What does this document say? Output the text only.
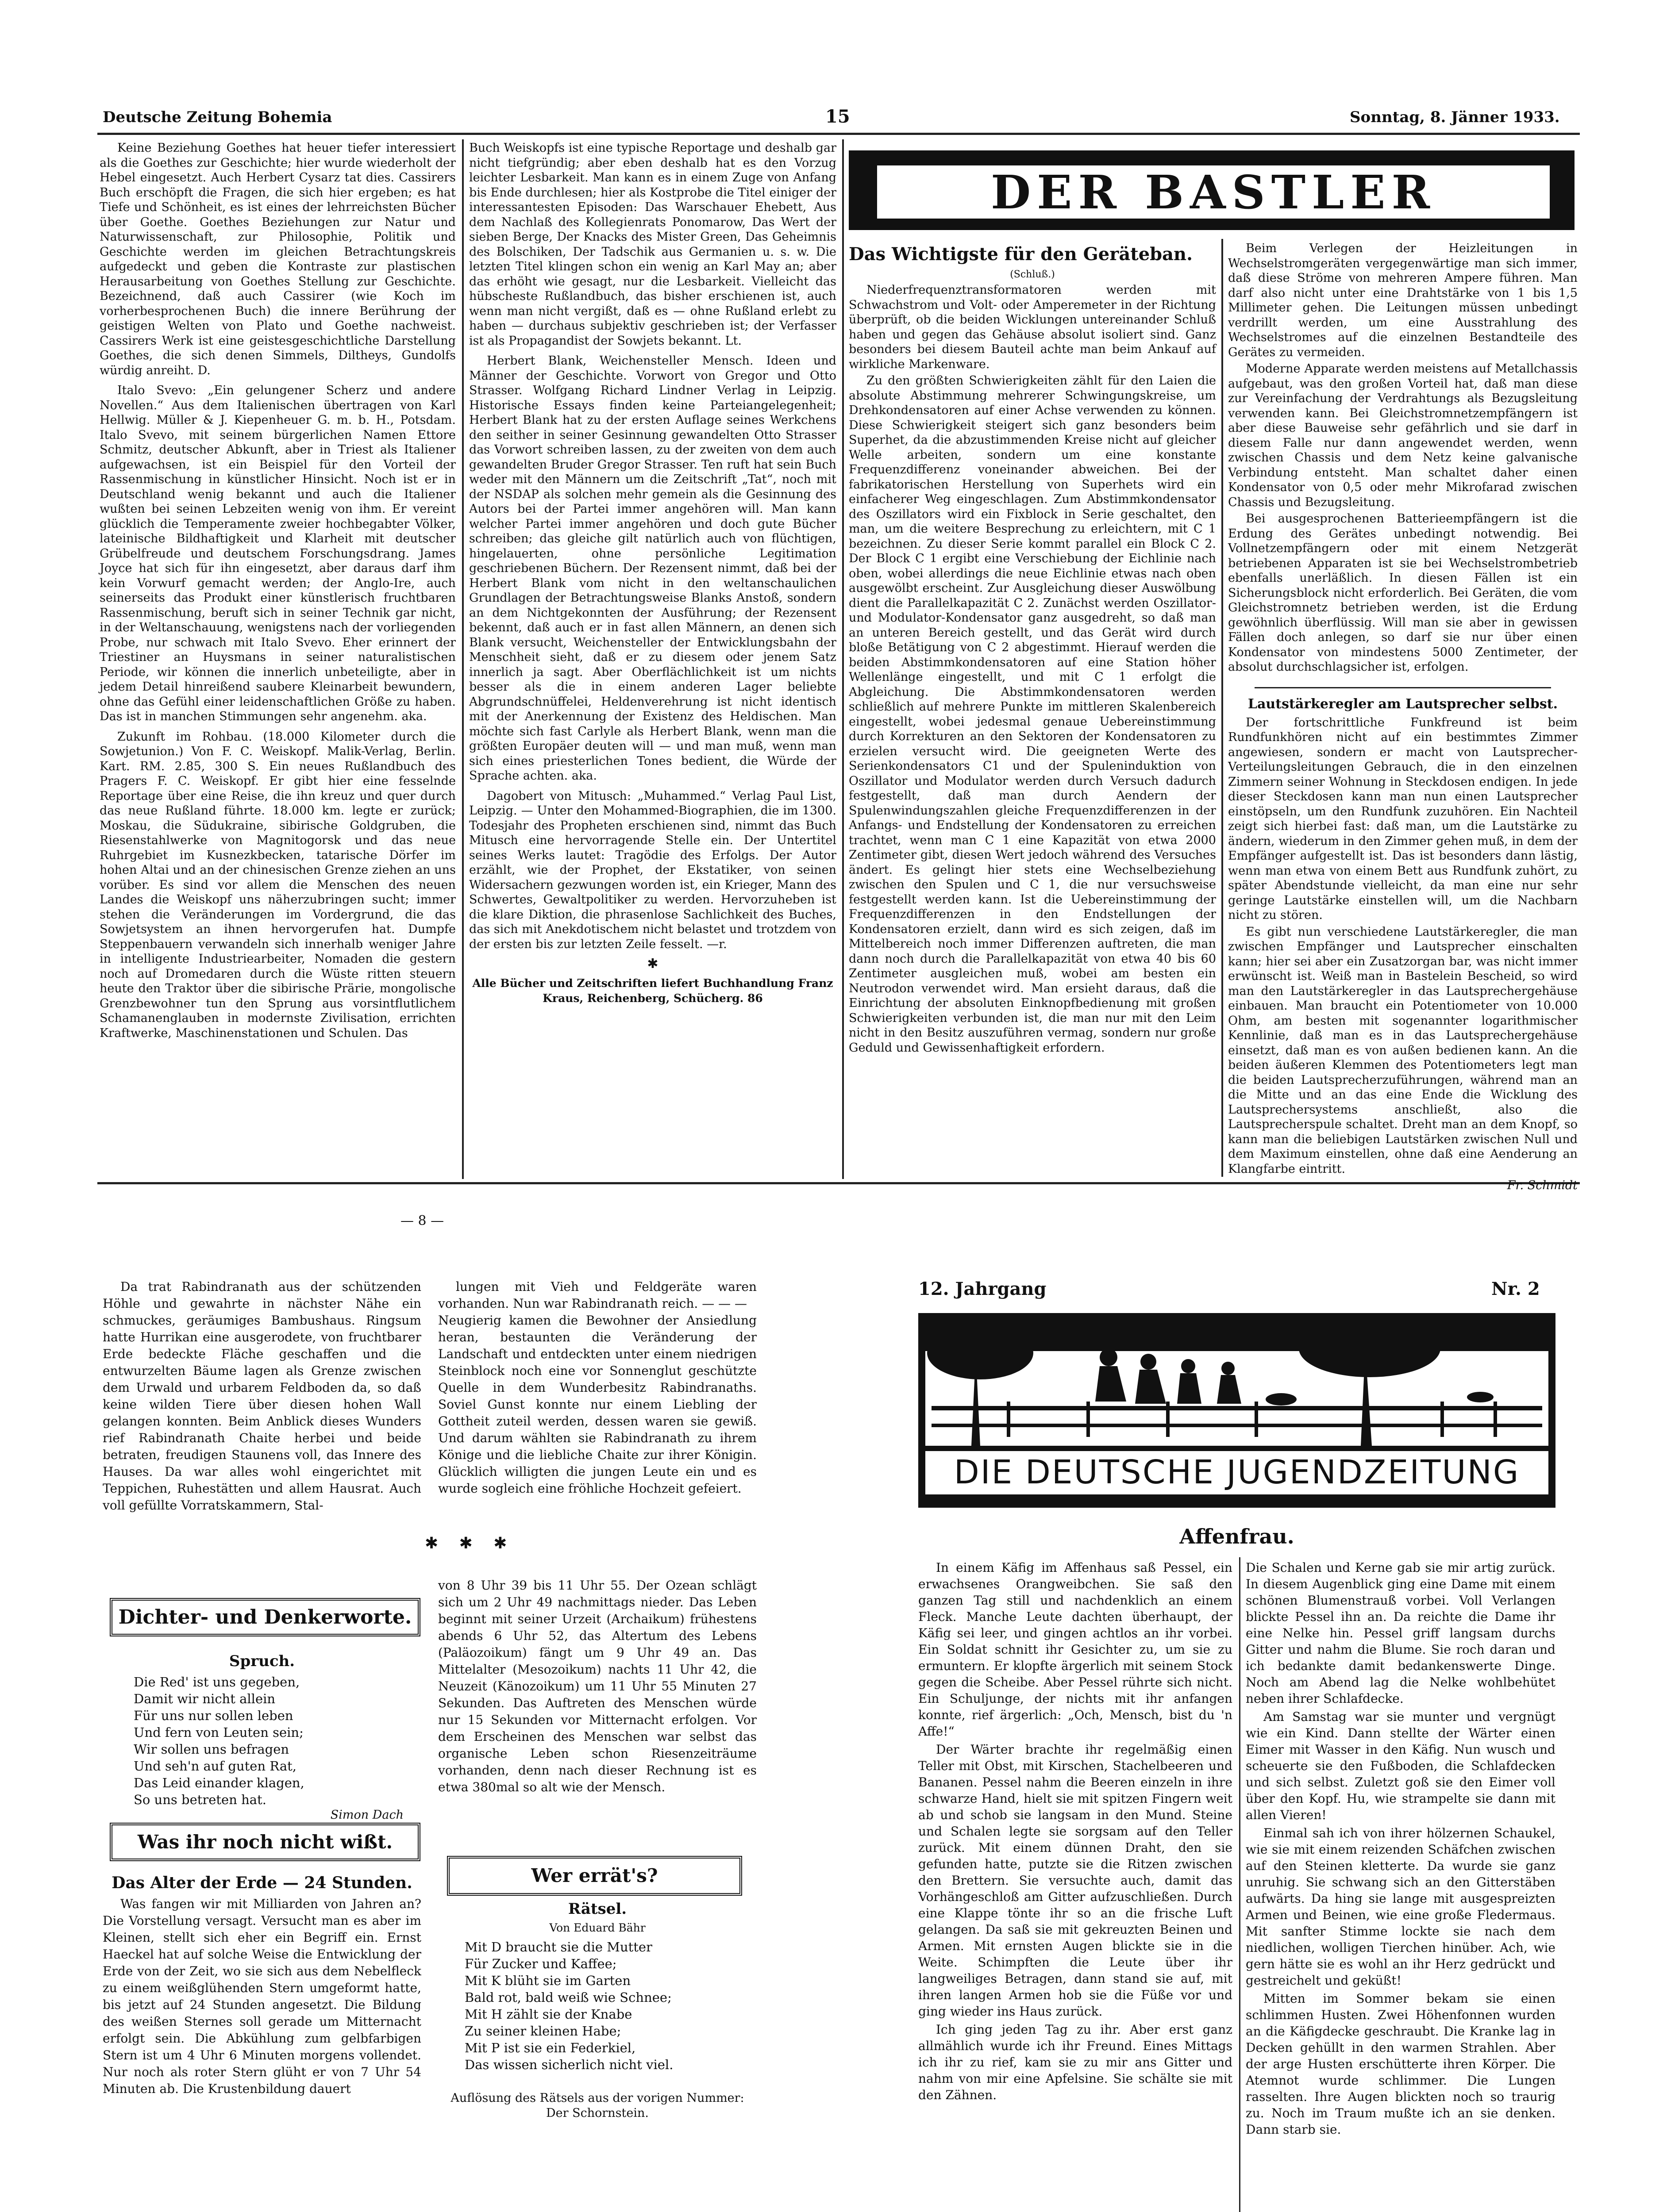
Deutsche Zeitung Bohemia	15	Sonntag, 8. Jänner 1933.

Keine Beziehung Goethes hat heuer tiefer interessiert als die Goethes zur Geschichte; hier wurde wiederholt der Hebel eingesetzt. Auch Herbert Cysarz tat dies. Cassirers Buch erschöpft die Fragen, die sich hier ergeben; es hat Tiefe und Schönheit, es ist eines der lehrreichsten Bücher über Goethe. Goethes Beziehungen zur Natur und Naturwissenschaft, zur Philosophie, Politik und Geschichte werden im gleichen Betrachtungskreis aufgedeckt und geben die Kontraste zur plastischen Herausarbeitung von Goethes Stellung zur Geschichte. Bezeichnend, daß auch Cassirer (wie Koch im vorherbesprochenen Buch) die innere Berührung der geistigen Welten von Plato und Goethe nachweist. Cassirers Werk ist eine geistesgeschichtliche Darstellung Goethes, die sich denen Simmels, Diltheys, Gundolfs würdig anreiht. D.

Italo Svevo: „Ein gelungener Scherz und andere Novellen.“ Aus dem Italienischen übertragen von Karl Hellwig. Müller & J. Kiepenheuer G. m. b. H., Potsdam. Italo Svevo, mit seinem bürgerlichen Namen Ettore Schmitz, deutscher Abkunft, aber in Triest als Italiener aufgewachsen, ist ein Beispiel für den Vorteil der Rassenmischung in künstlicher Hinsicht. Noch ist er in Deutschland wenig bekannt und auch die Italiener wußten bei seinen Lebzeiten wenig von ihm. Er vereint glücklich die Temperamente zweier hochbegabter Völker, lateinische Bildhaftigkeit und Klarheit mit deutscher Grübelfreude und deutschem Forschungsdrang. James Joyce hat sich für ihn eingesetzt, aber daraus darf ihm kein Vorwurf gemacht werden; der Anglo-Ire, auch seinerseits das Produkt einer künstlerisch fruchtbaren Rassenmischung, beruft sich in seiner Technik gar nicht, in der Weltanschauung, wenigstens nach der vorliegenden Probe, nur schwach mit Italo Svevo. Eher erinnert der Triestiner an Huysmans in seiner naturalistischen Periode, wir können die innerlich unbeteiligte, aber in jedem Detail hinreißend saubere Kleinarbeit bewundern, ohne das Gefühl einer leidenschaftlichen Größe zu haben. Das ist in manchen Stimmungen sehr angenehm. aka.

Zukunft im Rohbau. (18.000 Kilometer durch die Sowjetunion.) Von F. C. Weiskopf. Malik-Verlag, Berlin. Kart. RM. 2.85, 300 S. Ein neues Rußlandbuch des Pragers F. C. Weiskopf. Er gibt hier eine fesselnde Reportage über eine Reise, die ihn kreuz und quer durch das neue Rußland führte. 18.000 km. legte er zurück; Moskau, die Südukraine, sibirische Goldgruben, die Riesenstahlwerke von Magnitogorsk und das neue Ruhrgebiet im Kusnezkbecken, tatarische Dörfer im hohen Altai und an der chinesischen Grenze ziehen an uns vorüber. Es sind vor allem die Menschen des neuen Landes die Weiskopf uns näherzubringen sucht; immer stehen die Veränderungen im Vordergrund, die das Sowjetsystem an ihnen hervorgerufen hat. Dumpfe Steppenbauern verwandeln sich innerhalb weniger Jahre in intelligente Industriearbeiter, Nomaden die gestern noch auf Dromedaren durch die Wüste ritten steuern heute den Traktor über die sibirische Prärie, mongolische Grenzbewohner tun den Sprung aus vorsintflutlichem Schamanenglauben in modernste Zivilisation, errichten Kraftwerke, Maschinenstationen und Schulen. Das

Buch Weiskopfs ist eine typische Reportage und deshalb gar nicht tiefgründig; aber eben deshalb hat es den Vorzug leichter Lesbarkeit. Man kann es in einem Zuge von Anfang bis Ende durchlesen; hier als Kostprobe die Titel einiger der interessantesten Episoden: Das Warschauer Ehebett, Aus dem Nachlaß des Kollegienrats Ponomarow, Das Wert der sieben Berge, Der Knacks des Mister Green, Das Geheimnis des Bolschiken, Der Tadschik aus Germanien u. s. w. Die letzten Titel klingen schon ein wenig an Karl May an; aber das erhöht wie gesagt, nur die Lesbarkeit. Vielleicht das hübscheste Rußlandbuch, das bisher erschienen ist, auch wenn man nicht vergißt, daß es — ohne Rußland erlebt zu haben — durchaus subjektiv geschrieben ist; der Verfasser ist als Propagandist der Sowjets bekannt. Lt.

Herbert Blank, Weichensteller Mensch. Ideen und Männer der Geschichte. Vorwort von Gregor und Otto Strasser. Wolfgang Richard Lindner Verlag in Leipzig. Historische Essays finden keine Parteiangelegenheit; Herbert Blank hat zu der ersten Auflage seines Werkchens den seither in seiner Gesinnung gewandelten Otto Strasser das Vorwort schreiben lassen, zu der zweiten von dem auch gewandelten Bruder Gregor Strasser. Ten ruft hat sein Buch weder mit den Männern um die Zeitschrift „Tat“, noch mit der NSDAP als solchen mehr gemein als die Gesinnung des Autors bei der Partei immer angehören will. Man kann welcher Partei immer angehören und doch gute Bücher schreiben; das gleiche gilt natürlich auch von flüchtigen, hingelauerten, ohne persönliche Legitimation geschriebenen Büchern. Der Rezensent nimmt, daß bei der Herbert Blank vom nicht in den weltanschaulichen Grundlagen der Betrachtungsweise Blanks Anstoß, sondern an dem Nichtgekonnten der Ausführung; der Rezensent bekennt, daß auch er in fast allen Männern, an denen sich Blank versucht, Weichensteller der Entwicklungsbahn der Menschheit sieht, daß er zu diesem oder jenem Satz innerlich ja sagt. Aber Oberflächlichkeit ist um nichts besser als die in einem anderen Lager beliebte Abgrundschnüffelei, Heldenverehrung ist nicht identisch mit der Anerkennung der Existenz des Heldischen. Man möchte sich fast Carlyle als Herbert Blank, wenn man die größten Europäer deuten will — und man muß, wenn man sich eines priesterlichen Tones bedient, die Würde der Sprache achten. aka.

Dagobert von Mitusch: „Muhammed.“ Verlag Paul List, Leipzig. — Unter den Mohammed-Biographien, die im 1300. Todesjahr des Propheten erschienen sind, nimmt das Buch Mitusch eine hervorragende Stelle ein. Der Untertitel seines Werks lautet: Tragödie des Erfolgs. Der Autor erzählt, wie der Prophet, der Ekstatiker, von seinen Widersachern gezwungen worden ist, ein Krieger, Mann des Schwertes, Gewaltpolitiker zu werden. Hervorzuheben ist die klare Diktion, die phrasenlose Sachlichkeit des Buches, das sich mit Anekdotischem nicht belastet und trotzdem von der ersten bis zur letzten Zeile fesselt. —r.

✱

Alle Bücher und Zeitschriften liefert Buchhandlung Franz Kraus, Reichenberg, Schücherg. 86

DER BASTLER
Das Wichtigste für den Geräteban.
(Schluß.)

Niederfrequenztransformatoren werden mit Schwachstrom und Volt- oder Amperemeter in der Richtung überprüft, ob die beiden Wicklungen untereinander Schluß haben und gegen das Gehäuse absolut isoliert sind. Ganz besonders bei diesem Bauteil achte man beim Ankauf auf wirkliche Markenware.

Zu den größten Schwierigkeiten zählt für den Laien die absolute Abstimmung mehrerer Schwingungskreise, um Drehkondensatoren auf einer Achse verwenden zu können. Diese Schwierigkeit steigert sich ganz besonders beim Superhet, da die abzustimmenden Kreise nicht auf gleicher Welle arbeiten, sondern um eine konstante Frequenzdifferenz voneinander abweichen. Bei der fabrikatorischen Herstellung von Superhets wird ein einfacherer Weg eingeschlagen. Zum Abstimmkondensator des Oszillators wird ein Fixblock in Serie geschaltet, den man, um die weitere Besprechung zu erleichtern, mit C 1 bezeichnen. Zu dieser Serie kommt parallel ein Block C 2. Der Block C 1 ergibt eine Verschiebung der Eichlinie nach oben, wobei allerdings die neue Eichlinie etwas nach oben ausgewölbt erscheint. Zur Ausgleichung dieser Auswölbung dient die Parallelkapazität C 2. Zunächst werden Oszillator- und Modulator-Kondensator ganz ausgedreht, so daß man an unteren Bereich gestellt, und das Gerät wird durch bloße Betätigung von C 2 abgestimmt. Hierauf werden die beiden Abstimmkondensatoren auf eine Station höher Wellenlänge eingestellt, und mit C 1 erfolgt die Abgleichung. Die Abstimmkondensatoren werden schließlich auf mehrere Punkte im mittleren Skalenbereich eingestellt, wobei jedesmal genaue Uebereinstimmung durch Korrekturen an den Sektoren der Kondensatoren zu erzielen versucht wird. Die geeigneten Werte des Serienkondensators C1 und der Spuleninduktion von Oszillator und Modulator werden durch Versuch dadurch festgestellt, daß man durch Aendern der Spulenwindungszahlen gleiche Frequenzdifferenzen in der Anfangs- und Endstellung der Kondensatoren zu erreichen trachtet, wenn man C 1 eine Kapazität von etwa 2000 Zentimeter gibt, diesen Wert jedoch während des Versuches ändert. Es gelingt hier stets eine Wechselbeziehung zwischen den Spulen und C 1, die nur versuchsweise festgestellt werden kann. Ist die Uebereinstimmung der Frequenzdifferenzen in den Endstellungen der Kondensatoren erzielt, dann wird es sich zeigen, daß im Mittelbereich noch immer Differenzen auftreten, die man dann noch durch die Parallelkapazität von etwa 40 bis 60 Zentimeter ausgleichen muß, wobei am besten ein Neutrodon verwendet wird. Man ersieht daraus, daß die Einrichtung der absoluten Einknopfbedienung mit großen Schwierigkeiten verbunden ist, die man nur mit den Leim nicht in den Besitz auszuführen vermag, sondern nur große Geduld und Gewissenhaftigkeit erfordern.

Beim Verlegen der Heizleitungen in Wechselstromgeräten vergegenwärtige man sich immer, daß diese Ströme von mehreren Ampere führen. Man darf also nicht unter eine Drahtstärke von 1 bis 1,5 Millimeter gehen. Die Leitungen müssen unbedingt verdrillt werden, um eine Ausstrahlung des Wechselstromes auf die einzelnen Bestandteile des Gerätes zu vermeiden.

Moderne Apparate werden meistens auf Metallchassis aufgebaut, was den großen Vorteil hat, daß man diese zur Vereinfachung der Verdrahtungs als Bezugsleitung verwenden kann. Bei Gleichstromnetzempfängern ist aber diese Bauweise sehr gefährlich und sie darf in diesem Falle nur dann angewendet werden, wenn zwischen Chassis und dem Netz keine galvanische Verbindung entsteht. Man schaltet daher einen Kondensator von 0,5 oder mehr Mikrofarad zwischen Chassis und Bezugsleitung.

Bei ausgesprochenen Batterieempfängern ist die Erdung des Gerätes unbedingt notwendig. Bei Vollnetzempfängern oder mit einem Netzgerät betriebenen Apparaten ist sie bei Wechselstrombetrieb ebenfalls unerläßlich. In diesen Fällen ist ein Sicherungsblock nicht erforderlich. Bei Geräten, die vom Gleichstromnetz betrieben werden, ist die Erdung gewöhnlich überflüssig. Will man sie aber in gewissen Fällen doch anlegen, so darf sie nur über einen Kondensator von mindestens 5000 Zentimeter, der absolut durchschlagsicher ist, erfolgen.

Lautstärkeregler am Lautsprecher selbst.

Der fortschrittliche Funkfreund ist beim Rundfunkhören nicht auf ein bestimmtes Zimmer angewiesen, sondern er macht von Lautsprecher-Verteilungsleitungen Gebrauch, die in den einzelnen Zimmern seiner Wohnung in Steckdosen endigen. In jede dieser Steckdosen kann man nun einen Lautsprecher einstöpseln, um den Rundfunk zuzuhören. Ein Nachteil zeigt sich hierbei fast: daß man, um die Lautstärke zu ändern, wiederum in den Zimmer gehen muß, in dem der Empfänger aufgestellt ist. Das ist besonders dann lästig, wenn man etwa von einem Bett aus Rundfunk zuhört, zu später Abendstunde vielleicht, da man eine nur sehr geringe Lautstärke einstellen will, um die Nachbarn nicht zu stören.

Es gibt nun verschiedene Lautstärkeregler, die man zwischen Empfänger und Lautsprecher einschalten kann; hier sei aber ein Zusatzorgan bar, was nicht immer erwünscht ist. Weiß man in Bastelein Bescheid, so wird man den Lautstärkeregler in das Lautsprechergehäuse einbauen. Man braucht ein Potentiometer von 10.000 Ohm, am besten mit sogenannter logarithmischer Kennlinie, daß man es in das Lautsprechergehäuse einsetzt, daß man es von außen bedienen kann. An die beiden äußeren Klemmen des Potentiometers legt man die beiden Lautsprecherzuführungen, während man an die Mitte und an das eine Ende die Wicklung des Lautsprechersystems anschließt, also die Lautsprecherspule schaltet. Dreht man an dem Knopf, so kann man die beliebigen Lautstärken zwischen Null und dem Maximum einstellen, ohne daß eine Aenderung an Klangfarbe eintritt.

Fr. Schmidt

— 8 —

Da trat Rabindranath aus der schützenden Höhle und gewahrte in nächster Nähe ein schmuckes, geräumiges Bambushaus. Ringsum hatte Hurrikan eine ausgerodete, von fruchtbarer Erde bedeckte Fläche geschaffen und die entwurzelten Bäume lagen als Grenze zwischen dem Urwald und urbarem Feldboden da, so daß keine wilden Tiere über diesen hohen Wall gelangen konnten. Beim Anblick dieses Wunders rief Rabindranath Chaite herbei und beide betraten, freudigen Staunens voll, das Innere des Hauses. Da war alles wohl eingerichtet mit Teppichen, Ruhestätten und allem Hausrat. Auch voll gefüllte Vorratskammern, Stal-

lungen mit Vieh und Feldgeräte waren vorhanden. Nun war Rabindranath reich. — — —
Neugierig kamen die Bewohner der Ansiedlung heran, bestaunten die Veränderung der Landschaft und entdeckten unter einem niedrigen Steinblock noch eine vor Sonnenglut geschützte Quelle in dem Wunderbesitz Rabindranaths. Soviel Gunst konnte nur einem Liebling der Gottheit zuteil werden, dessen waren sie gewiß. Und darum wählten sie Rabindranath zu ihrem Könige und die liebliche Chaite zur ihrer Königin. Glücklich willigten die jungen Leute ein und es wurde sogleich eine fröhliche Hochzeit gefeiert.

✱ ✱ ✱
Dichter- und Denkerworte.
Spruch.
Die Red' ist uns gegeben,
Damit wir nicht allein
Für uns nur sollen leben
Und fern von Leuten sein;
Wir sollen uns befragen
Und seh'n auf guten Rat,
Das Leid einander klagen,
So uns betreten hat.
Simon Dach
Was ihr noch nicht wißt.
Das Alter der Erde — 24 Stunden.

Was fangen wir mit Milliarden von Jahren an? Die Vorstellung versagt. Versucht man es aber im Kleinen, stellt sich eher ein Begriff ein. Ernst Haeckel hat auf solche Weise die Entwicklung der Erde von der Zeit, wo sie sich aus dem Nebelfleck zu einem weißglühenden Stern umgeformt hatte, bis jetzt auf 24 Stunden angesetzt. Die Bildung des weißen Sternes soll gerade um Mitternacht erfolgt sein. Die Abkühlung zum gelbfarbigen Stern ist um 4 Uhr 6 Minuten morgens vollendet. Nur noch als roter Stern glüht er von 7 Uhr 54 Minuten ab. Die Krustenbildung dauert

von 8 Uhr 39 bis 11 Uhr 55. Der Ozean schlägt sich um 2 Uhr 49 nachmittags nieder. Das Leben beginnt mit seiner Urzeit (Archaikum) frühestens abends 6 Uhr 52, das Altertum des Lebens (Paläozoikum) fängt um 9 Uhr 49 an. Das Mittelalter (Mesozoikum) nachts 11 Uhr 42, die Neuzeit (Känozoikum) um 11 Uhr 55 Minuten 27 Sekunden. Das Auftreten des Menschen würde nur 15 Sekunden vor Mitternacht erfolgen. Vor dem Erscheinen des Menschen war selbst das organische Leben schon Riesenzeiträume vorhanden, denn nach dieser Rechnung ist es etwa 380mal so alt wie der Mensch.

Wer errät's?
Rätsel.
Von Eduard Bähr
Mit D braucht sie die Mutter
Für Zucker und Kaffee;
Mit K blüht sie im Garten
Bald rot, bald weiß wie Schnee;
Mit H zählt sie der Knabe
Zu seiner kleinen Habe;
Mit P ist sie ein Federkiel,
Das wissen sicherlich nicht viel.

Auflösung des Rätsels aus der vorigen Nummer: Der Schornstein.

12. Jahrgang	Nr. 2
DIE DEUTSCHE JUGENDZEITUNG
Affenfrau.

In einem Käfig im Affenhaus saß Pessel, ein erwachsenes Orangweibchen. Sie saß den ganzen Tag still und nachdenklich an einem Fleck. Manche Leute dachten überhaupt, der Käfig sei leer, und gingen achtlos an ihr vorbei. Ein Soldat schnitt ihr Gesichter zu, um sie zu ermuntern. Er klopfte ärgerlich mit seinem Stock gegen die Scheibe. Aber Pessel rührte sich nicht. Ein Schuljunge, der nichts mit ihr anfangen konnte, rief ärgerlich: „Och, Mensch, bist du 'n Affe!“

Der Wärter brachte ihr regelmäßig einen Teller mit Obst, mit Kirschen, Stachelbeeren und Bananen. Pessel nahm die Beeren einzeln in ihre schwarze Hand, hielt sie mit spitzen Fingern weit ab und schob sie langsam in den Mund. Steine und Schalen legte sie sorgsam auf den Teller zurück. Mit einem dünnen Draht, den sie gefunden hatte, putzte sie die Ritzen zwischen den Brettern. Sie versuchte auch, damit das Vorhängeschloß am Gitter aufzuschließen. Durch eine Klappe tönte ihr so an die frische Luft gelangen. Da saß sie mit gekreuzten Beinen und Armen. Mit ernsten Augen blickte sie in die Weite. Schimpften die Leute über ihr langweiliges Betragen, dann stand sie auf, mit ihren langen Armen hob sie die Füße vor und ging wieder ins Haus zurück.

Ich ging jeden Tag zu ihr. Aber erst ganz allmählich wurde ich ihr Freund. Eines Mittags ich ihr zu rief, kam sie zu mir ans Gitter und nahm von mir eine Apfelsine. Sie schälte sie mit den Zähnen.

Die Schalen und Kerne gab sie mir artig zurück. In diesem Augenblick ging eine Dame mit einem schönen Blumenstrauß vorbei. Voll Verlangen blickte Pessel ihn an. Da reichte die Dame ihr eine Nelke hin. Pessel griff langsam durchs Gitter und nahm die Blume. Sie roch daran und ich bedankte damit bedankenswerte Dinge. Noch am Abend lag die Nelke wohlbehütet neben ihrer Schlafdecke.

Am Samstag war sie munter und vergnügt wie ein Kind. Dann stellte der Wärter einen Eimer mit Wasser in den Käfig. Nun wusch und scheuerte sie den Fußboden, die Schlafdecken und sich selbst. Zuletzt goß sie den Eimer voll über den Kopf. Hu, wie strampelte sie dann mit allen Vieren!

Einmal sah ich von ihrer hölzernen Schaukel, wie sie mit einem reizenden Schäfchen zwischen auf den Steinen kletterte. Da wurde sie ganz unruhig. Sie schwang sich an den Gitterstäben aufwärts. Da hing sie lange mit ausgespreizten Armen und Beinen, wie eine große Fledermaus. Mit sanfter Stimme lockte sie nach dem niedlichen, wolligen Tierchen hinüber. Ach, wie gern hätte sie es wohl an ihr Herz gedrückt und gestreichelt und geküßt!

Mitten im Sommer bekam sie einen schlimmen Husten. Zwei Höhenfonnen wurden an die Käfigdecke geschraubt. Die Kranke lag in Decken gehüllt in den warmen Strahlen. Aber der arge Husten erschütterte ihren Körper. Die Atemnot wurde schlimmer. Die Lungen rasselten. Ihre Augen blickten noch so traurig zu. Noch im Traum mußte ich an sie denken. Dann starb sie.
